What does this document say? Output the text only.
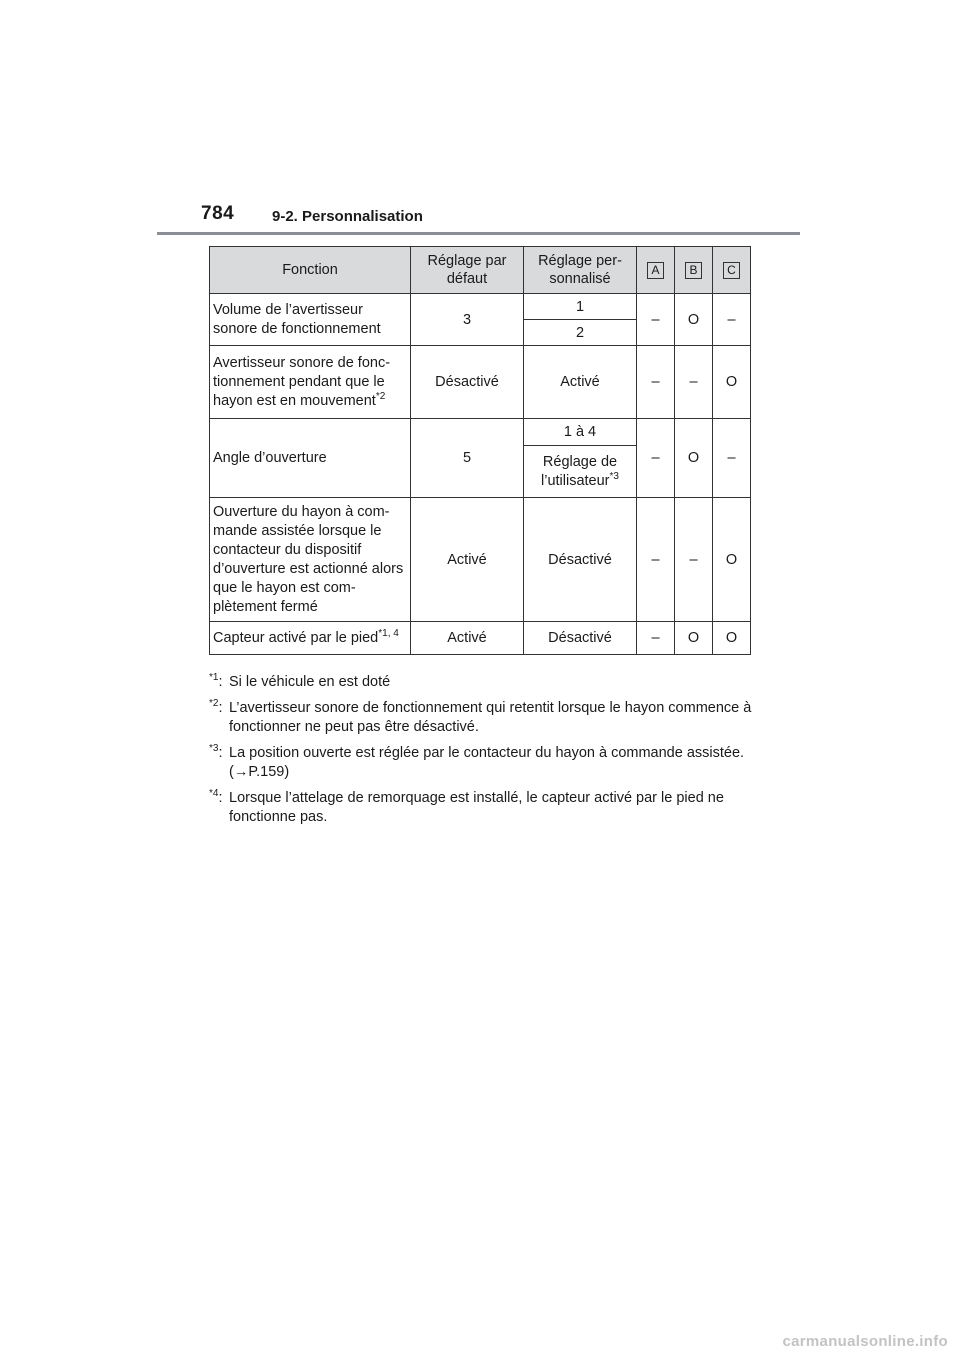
784	9-2. Personnalisation
Fonction	Réglage par défaut	Réglage per-sonnalisé	A	B	C
Volume de l’avertisseur sonore de fonctionnement	3	1	–	O	–
		2			
Avertisseur sonore de fonc-tionnement pendant que le hayon est en mouvement$^{*2}$	Désactivé	Activé	–	–	O
Angle d’ouverture	5	1 à 4	–	O	–
		Réglage de l’utilisateur$^{*3}$
Ouverture du hayon à com-mande assistée lorsque le contacteur du dispositif d’ouverture est actionné alors que le hayon est com-plètement fermé	Activé	Désactivé	–	–	O
Capteur activé par le pied$^{*1, 4}$	Activé	Désactivé	–	O	O
$^{*1}$: Si le véhicule en est doté
$^{*2}$: L’avertisseur sonore de fonctionnement qui retentit lorsque le hayon commence à fonctionner ne peut pas être désactivé.
$^{*3}$: La position ouverte est réglée par le contacteur du hayon à commande assistée. (→P.159)
$^{*4}$: Lorsque l’attelage de remorquage est installé, le capteur activé par le pied ne fonctionne pas.
carmanualsonline.info
